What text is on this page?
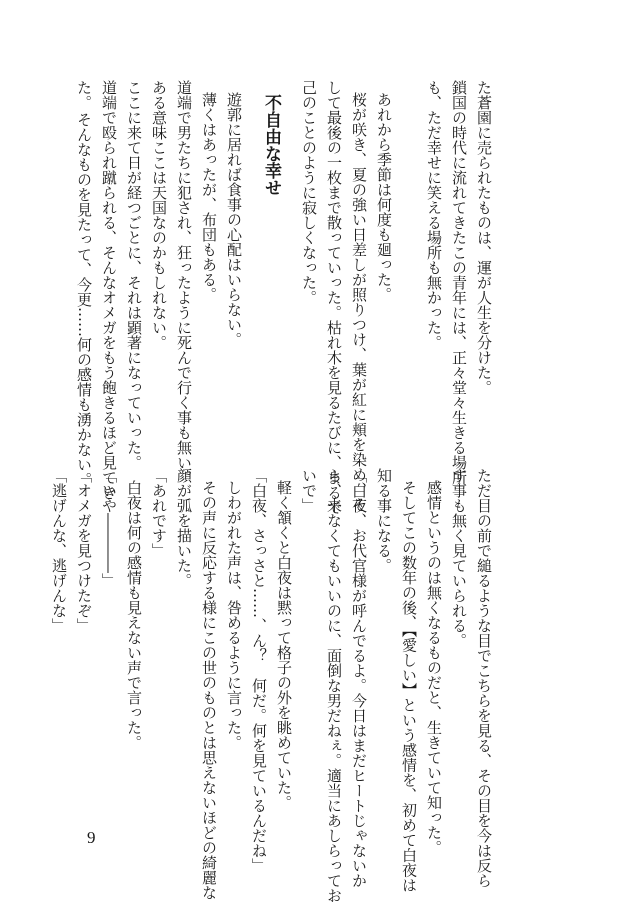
た蒼園に売られたものは、運が人生を分けた。
鎖国の時代に流れてきたこの青年には、正々堂々生きる場所
も、ただ幸せに笑える場所も無かった。
あれから季節は何度も廻った。
桜が咲き、夏の強い日差しが照りつけ、葉が紅に頬を染め、そ
して最後の一枚まで散っていった。枯れ木を見るたびに、まるで
己のことのように寂しくなった。
不自由な幸せ
遊郭に居れば食事の心配はいらない。
薄くはあったが、布団もある。
道端で男たちに犯され、狂ったように死んで行く事も無い。
ある意味ここは天国なのかもしれない。
ここに来て日が経つごとに、それは顕著になっていった。
道端で殴られ蹴られる、そんなオメガをもう飽きるほど見てき
た。
そんなものを見たって、今更……何の感情も湧かない。
ただ目の前で縋るような目でこちらを見る、その目を今は反ら
す事も無く見ていられる。
感情というのは無くなるものだと、生きていて知った。
そしてこの数年の後、【愛しい】という感情を、初めて白夜は
知る事になる。
「白夜、お代官様が呼んでるよ。今日はまだヒートじゃないか
ら、来なくてもいいのに、面倒な男だねぇ。適当にあしらってお
いで」
軽く頷くと白夜は黙って格子の外を眺めていた。
「白夜、さっさと……、ん？　何だ。何を見ているんだね」
しわがれた声は、咎めるように言った。
その声に反応する様にこの世のものとは思えないほどの綺麗な
顔が弧を描いた。
「あれです」
白夜は何の感情も見えない声で言った。
「いや――――」
「オメガを見つけたぞ」
「逃げんな、逃げんな」
9
